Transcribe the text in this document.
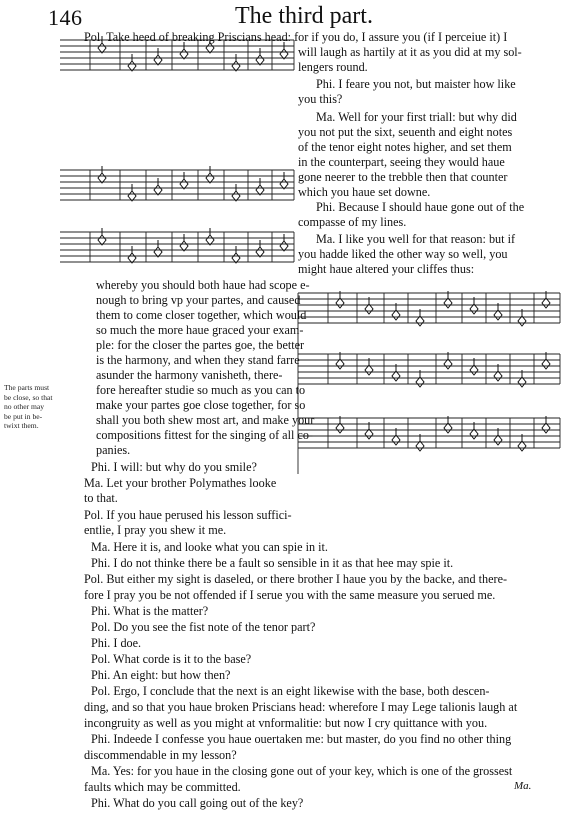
146	The third part.
Pol. Take heed of breaking Priscians head: for if you do, I assure you (if I perceiue it) I
will laugh as hartily at it as you did at my sol-
lengers round.
Phi. I feare you not, but maister how like
you this?
Ma. Well for your first triall: but why did
you not put the sixt, seuenth and eight notes
of the tenor eight notes higher, and set them
in the counterpart, seeing they would haue
gone neerer to the trebble then that counter
which you haue set downe.
Phi. Because I should haue gone out of the
compasse of my lines.
Ma. I like you well for that reason: but if
you hadde liked the other way so well, you
might haue altered your cliffes thus:
whereby you should both haue had scope e-
nough to bring vp your partes, and caused
them to come closer together, which would
so much the more haue graced your exam-
ple: for the closer the partes goe, the better
is the harmony, and when they stand farre
asunder the harmony vanisheth, there-
fore hereafter studie so much as you can to
make your partes goe close together, for so
shall you both shew most art, and make your
compositions fittest for the singing of all co-
panies.
Phi. I will: but why do you smile?
Ma. Let your brother Polymathes looke
to that.
Pol. If you haue perused his lesson suffici-
entlie, I pray you shew it me.
Ma. Here it is, and looke what you can spie in it.
Phi. I do not thinke there be a fault so sensible in it as that hee may spie it.
Pol. But either my sight is daseled, or there brother I haue you by the backe, and there-
fore I pray you be not offended if I serue you with the same measure you serued me.
Phi. What is the matter?
Pol. Do you see the fist note of the tenor part?
Phi. I doe.
Pol. What corde is it to the base?
Phi. An eight: but how then?
Pol. Ergo, I conclude that the next is an eight likewise with the base, both descen-
ding, and so that you haue broken Priscians head: wherefore I may Lege talionis laugh at
incongruity as well as you might at vnformalitie: but now I cry quittance with you.
Phi. Indeede I confesse you haue ouertaken me: but master, do you find no other thing
discommendable in my lesson?
Ma. Yes: for you haue in the closing gone out of your key, which is one of the grossest
faults which may be committed.
Phi. What do you call going out of the key?
The parts must
be close, so that
no other may
be put in be-
twixt them.
Ma.
